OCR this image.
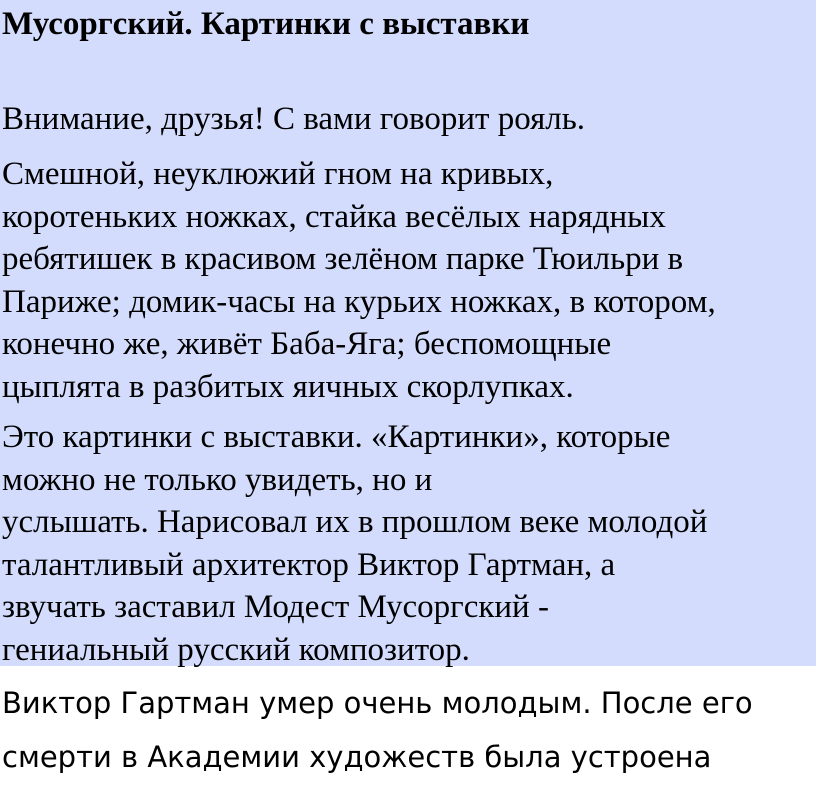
Мусоргский. Картинки с выставки

Внимание, друзья! С вами говорит рояль.

Смешной, неуклюжий гном на кривых,
коротеньких ножках, стайка весёлых нарядных
ребятишек в красивом зелёном парке Тюильри в
Париже; домик-часы на курьих ножках, в котором,
конечно же, живёт Баба-Яга; беспомощные
цыплята в разбитых яичных скорлупках.

Это картинки с выставки. «Картинки», которые
можно не только увидеть, но и
услышать. Нарисовал их в прошлом веке молодой
талантливый архитектор Виктор Гартман, а
звучать заставил Модест Мусоргский -
гениальный русский композитор.

Виктор Гартман умер очень молодым. После его
смерти в Академии художеств была устроена
